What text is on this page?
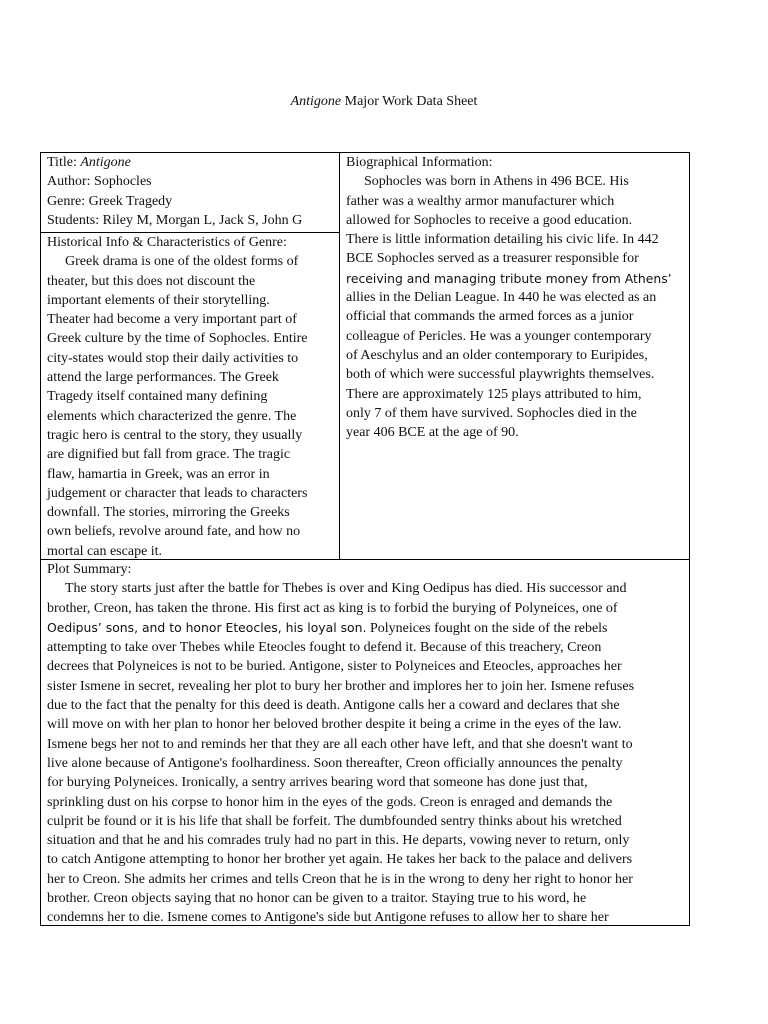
Antigone Major Work Data Sheet
Title: Antigone
Author: Sophocles
Genre: Greek Tragedy
Students: Riley M, Morgan L, Jack S, John G
Historical Info & Characteristics of Genre:
Greek drama is one of the oldest forms of
theater, but this does not discount the
important elements of their storytelling.
Theater had become a very important part of
Greek culture by the time of Sophocles. Entire
city-states would stop their daily activities to
attend the large performances. The Greek
Tragedy itself contained many defining
elements which characterized the genre. The
tragic hero is central to the story, they usually
are dignified but fall from grace. The tragic
flaw, hamartia in Greek, was an error in
judgement or character that leads to characters
downfall. The stories, mirroring the Greeks
own beliefs, revolve around fate, and how no
mortal can escape it.
Biographical Information:
Sophocles was born in Athens in 496 BCE. His
father was a wealthy armor manufacturer which
allowed for Sophocles to receive a good education.
There is little information detailing his civic life. In 442
BCE Sophocles served as a treasurer responsible for
receiving and managing tribute money from Athens’
allies in the Delian League. In 440 he was elected as an
official that commands the armed forces as a junior
colleague of Pericles. He was a younger contemporary
of Aeschylus and an older contemporary to Euripides,
both of which were successful playwrights themselves.
There are approximately 125 plays attributed to him,
only 7 of them have survived. Sophocles died in the
year 406 BCE at the age of 90.
Plot Summary:
The story starts just after the battle for Thebes is over and King Oedipus has died. His successor and
brother, Creon, has taken the throne. His first act as king is to forbid the burying of Polyneices, one of
Oedipus’ sons, and to honor Eteocles, his loyal son. Polyneices fought on the side of the rebels
attempting to take over Thebes while Eteocles fought to defend it. Because of this treachery, Creon
decrees that Polyneices is not to be buried. Antigone, sister to Polyneices and Eteocles, approaches her
sister Ismene in secret, revealing her plot to bury her brother and implores her to join her. Ismene refuses
due to the fact that the penalty for this deed is death. Antigone calls her a coward and declares that she
will move on with her plan to honor her beloved brother despite it being a crime in the eyes of the law.
Ismene begs her not to and reminds her that they are all each other have left, and that she doesn't want to
live alone because of Antigone's foolhardiness. Soon thereafter, Creon officially announces the penalty
for burying Polyneices. Ironically, a sentry arrives bearing word that someone has done just that,
sprinkling dust on his corpse to honor him in the eyes of the gods. Creon is enraged and demands the
culprit be found or it is his life that shall be forfeit. The dumbfounded sentry thinks about his wretched
situation and that he and his comrades truly had no part in this. He departs, vowing never to return, only
to catch Antigone attempting to honor her brother yet again. He takes her back to the palace and delivers
her to Creon. She admits her crimes and tells Creon that he is in the wrong to deny her right to honor her
brother. Creon objects saying that no honor can be given to a traitor. Staying true to his word, he
condemns her to die. Ismene comes to Antigone's side but Antigone refuses to allow her to share her
